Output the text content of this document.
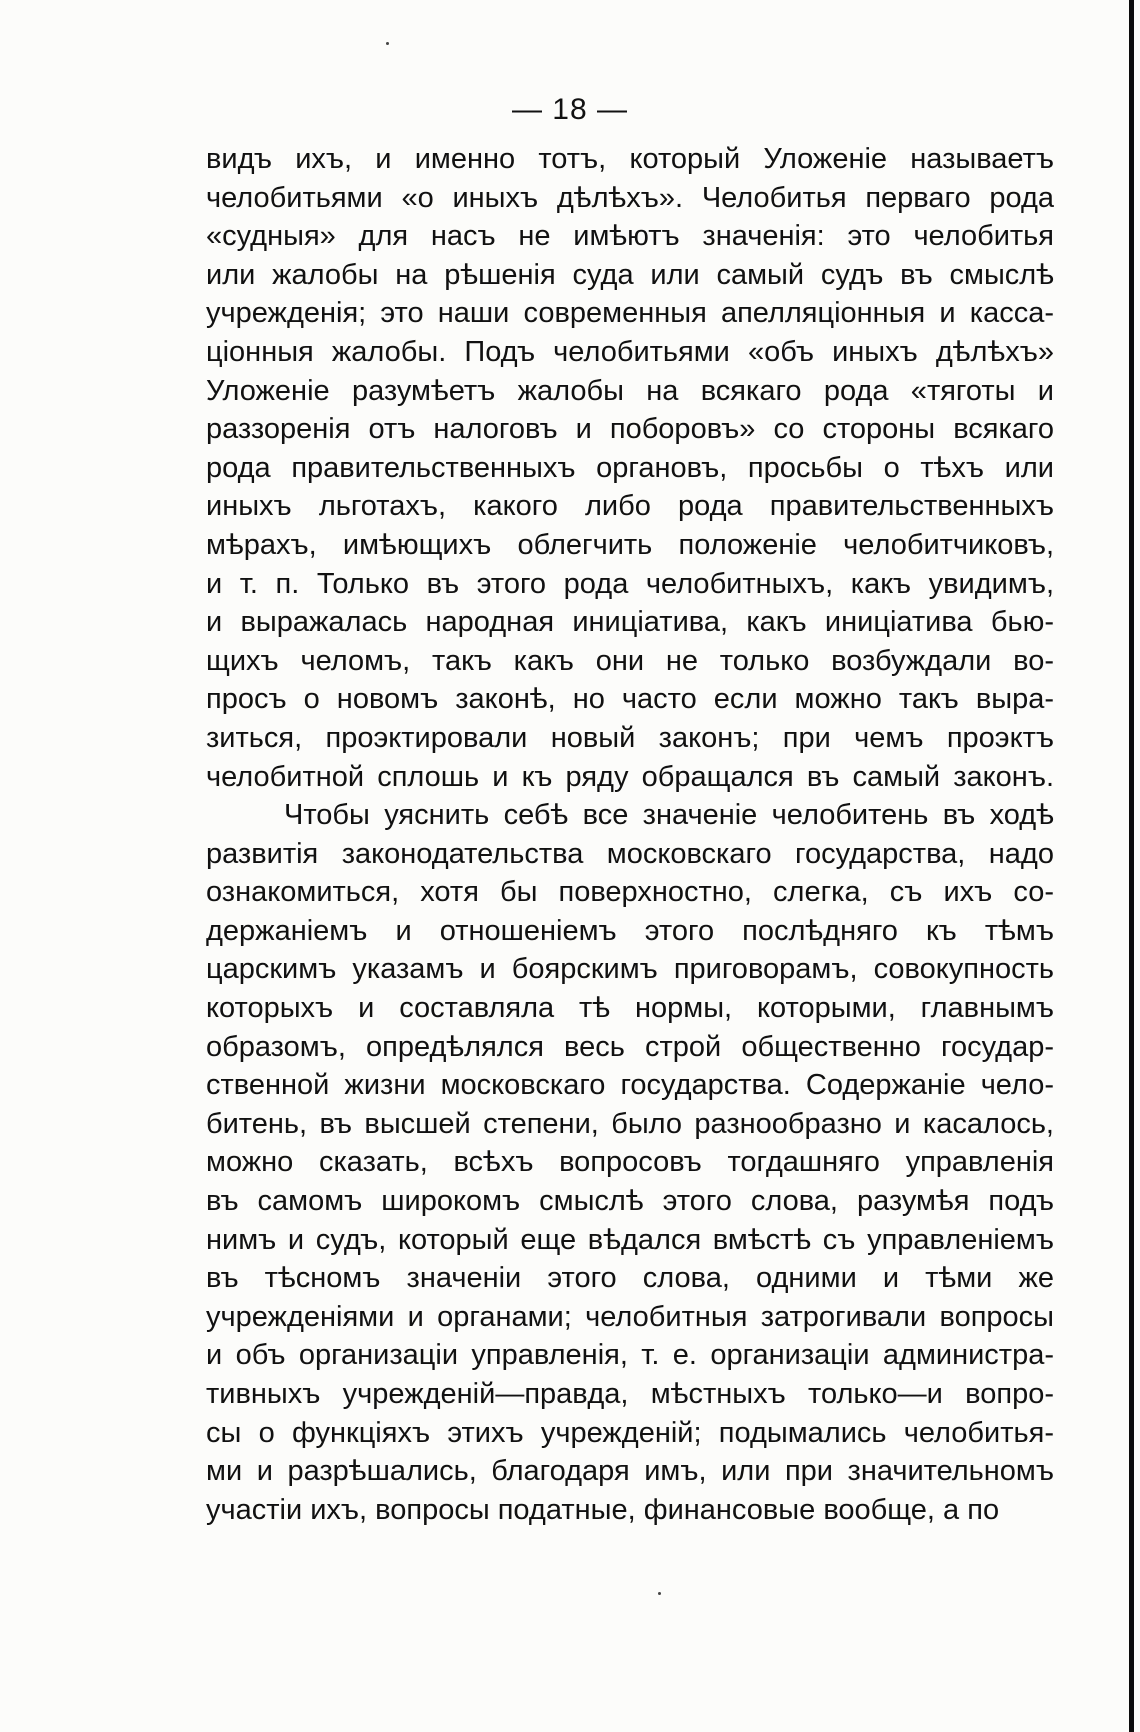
— 18 —
видъ ихъ, и именно тотъ, который Уложеніе называетъ
челобитьями «о иныхъ дѣлѣхъ». Челобитья перваго рода
«судныя» для насъ не имѣютъ значенія: это челобитья
или жалобы на рѣшенія суда или самый судъ въ смыслѣ
учрежденія; это наши современныя апелляціонныя и касса-
ціонныя жалобы. Подъ челобитьями «объ иныхъ дѣлѣхъ»
Уложеніе разумѣетъ жалобы на всякаго рода «тяготы и
раззоренія отъ налоговъ и поборовъ» со стороны всякаго
рода правительственныхъ органовъ, просьбы о тѣхъ или
иныхъ льготахъ, какого либо рода правительственныхъ
мѣрахъ, имѣющихъ облегчить положеніе челобитчиковъ,
и т. п. Только въ этого рода челобитныхъ, какъ увидимъ,
и выражалась народная иниціатива, какъ иниціатива бью-
щихъ челомъ, такъ какъ они не только возбуждали во-
просъ о новомъ законѣ, но часто если можно такъ выра-
зиться, проэктировали новый законъ; при чемъ проэктъ
челобитной сплошь и къ ряду обращался въ самый законъ.
Чтобы уяснить себѣ все значеніе челобитень въ ходѣ
развитія законодательства московскаго государства, надо
ознакомиться, хотя бы поверхностно, слегка, съ ихъ со-
держаніемъ и отношеніемъ этого послѣдняго къ тѣмъ
царскимъ указамъ и боярскимъ приговорамъ, совокупность
которыхъ и составляла тѣ нормы, которыми, главнымъ
образомъ, опредѣлялся весь строй общественно государ-
ственной жизни московскаго государства. Содержаніе чело-
битень, въ высшей степени, было разнообразно и касалось,
можно сказать, всѣхъ вопросовъ тогдашняго управленія
въ самомъ широкомъ смыслѣ этого слова, разумѣя подъ
нимъ и судъ, который еще вѣдался вмѣстѣ съ управленіемъ
въ тѣсномъ значеніи этого слова, одними и тѣми же
учрежденіями и органами; челобитныя затрогивали вопросы
и объ организаціи управленія, т. е. организаціи администра-
тивныхъ учрежденій—правда, мѣстныхъ только—и вопро-
сы о функціяхъ этихъ учрежденій; подымались челобитья-
ми и разрѣшались, благодаря имъ, или при значительномъ
участіи ихъ, вопросы податные, финансовые вообще, а по
